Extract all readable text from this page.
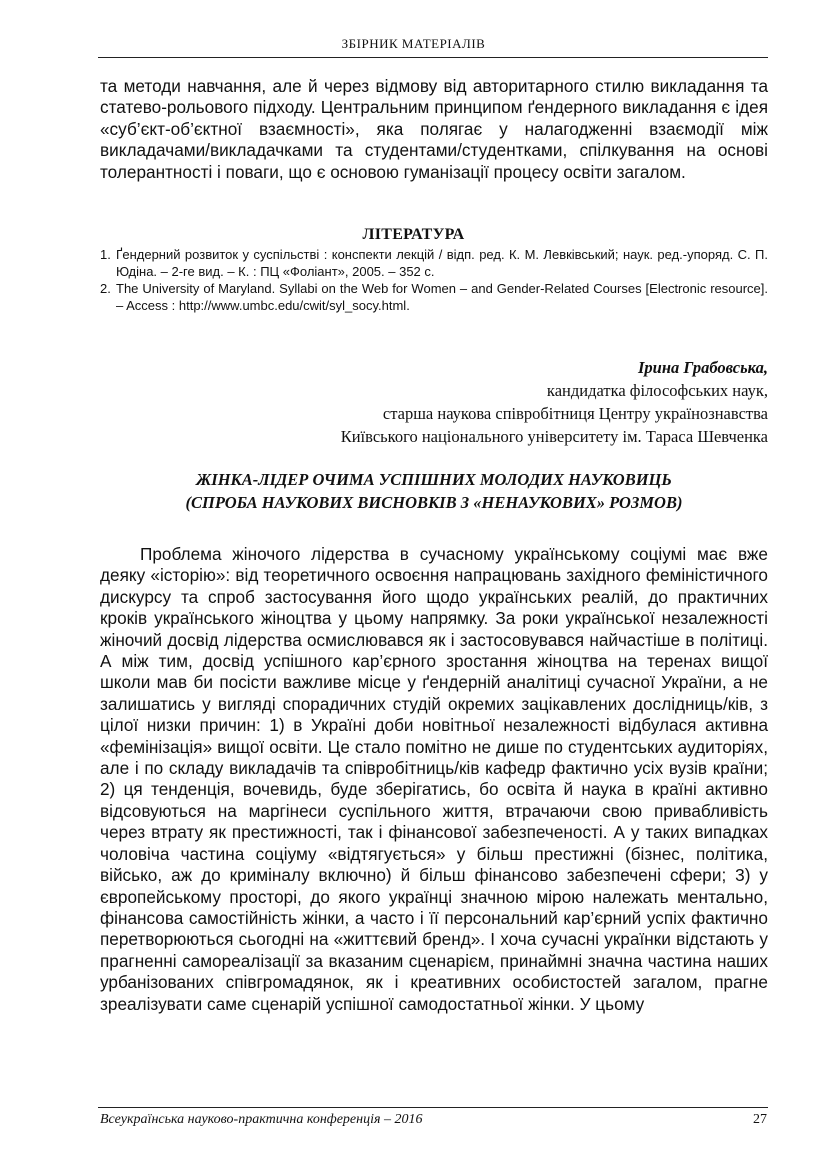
ЗБІРНИК МАТЕРІАЛІВ

та методи навчання, але й через відмову від авторитарного стилю викладання та статево-рольового підходу. Центральним принципом ґендерного викладання є ідея «суб’єкт-об’єктної взаємності», яка полягає у налагодженні взаємодії між викладачами/викладачками та студентами/студентками, спілкування на основі толерантності і поваги, що є основою гуманізації процесу освіти загалом.

ЛІТЕРАТУРА
1. Ґендерний розвиток у суспільстві : конспекти лекцій / відп. ред. К. М. Левківський; наук. ред.-упоряд. С. П. Юдіна. – 2-ге вид. – К. : ПЦ «Фоліант», 2005. – 352 с.
2. The University of Maryland. Syllabi on the Web for Women – and Gender-Related Courses [Electronic resource]. – Access : http://www.umbc.edu/cwit/syl_socy.html.
Ірина Грабовська,
кандидатка філософських наук,
старша наукова співробітниця Центру українознавства
Київського національного університету ім. Тараса Шевченка
ЖІНКА-ЛІДЕР ОЧИМА УСПІШНИХ МОЛОДИХ НАУКОВИЦЬ
(СПРОБА НАУКОВИХ ВИСНОВКІВ З «НЕНАУКОВИХ» РОЗМОВ)

Проблема жіночого лідерства в сучасному українському соціумі має вже деяку «історію»: від теоретичного освоєння напрацювань західного феміністичного дискурсу та спроб застосування його щодо українських реалій, до практичних кроків українського жіноцтва у цьому напрямку. За роки української незалежності жіночий досвід лідерства осмислювався як і застосовувався найчастіше в політиці. А між тим, досвід успішного кар’єрного зростання жіноцтва на теренах вищої школи мав би посісти важливе місце у ґендерній аналітиці сучасної України, а не залишатись у вигляді спорадичних студій окремих зацікавлених дослідниць/ків, з цілої низки причин: 1) в Україні доби новітньої незалежності відбулася активна «фемінізація» вищої освіти. Це стало помітно не дише по студентських аудиторіях, але і по складу викладачів та співробітниць/ків кафедр фактично усіх вузів країни; 2) ця тенденція, вочевидь, буде зберігатись, бо освіта й наука в країні активно відсовуються на маргінеси суспільного життя, втрачаючи свою привабливість через втрату як престижності, так і фінансової забезпеченості. А у таких випадках чоловіча частина соціуму «відтягується» у більш престижні (бізнес, політика, військо, аж до криміналу включно) й більш фінансово забезпечені сфери; 3) у європейському просторі, до якого українці значною мірою належать ментально, фінансова самостійність жінки, а часто і її персональний кар’єрний успіх фактично перетворюються сьогодні на «життєвий бренд». І хоча сучасні українки відстають у прагненні самореалізації за вказаним сценарієм, принаймні значна частина наших урбанізованих співгромадянок, як і креативних особистостей загалом, прагне зреалізувати саме сценарій успішної самодостатньої жінки. У цьому

Всеукраїнська науково-практична конференція – 2016	27
